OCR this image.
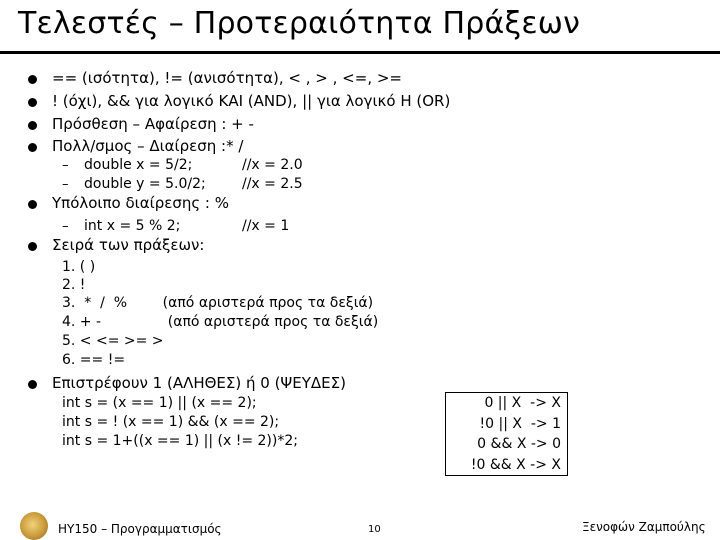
Τελεστές – Προτεραιότητα Πράξεων
== (ισότητα), != (ανισότητα), < , > , <=, >=
! (όχι), && για λογικό ΚΑΙ (AND), || για λογικό Η (OR)
Πρόσθεση – Αφαίρεση : + -
Πολλ/σμος – Διαίρεση :* /
– double x = 5/2;	//x = 2.0
– double y = 5.0/2;	//x = 2.5
Υπόλοιπο διαίρεσης : %
– int x = 5 % 2;	//x = 1
Σειρά των πράξεων:
1. ( )
2. !
3.  *  /  %        (από αριστερά προς τα δεξιά)
4. + -               (από αριστερά προς τα δεξιά)
5. < <= >= >
6. == !=
Επιστρέφουν 1 (ΑΛΗΘΕΣ) ή 0 (ΨΕΥΔΕΣ)
int s = (x == 1) || (x == 2);
int s = ! (x == 1) && (x == 2);
int s = 1+((x == 1) || (x != 2))*2;
0 || X  -> X
!0 || X  -> 1
0 && X -> 0
!0 && X -> X
ΗΥ150 – Προγραμματισμός	10	Ξενοφών Ζαμπούλης
